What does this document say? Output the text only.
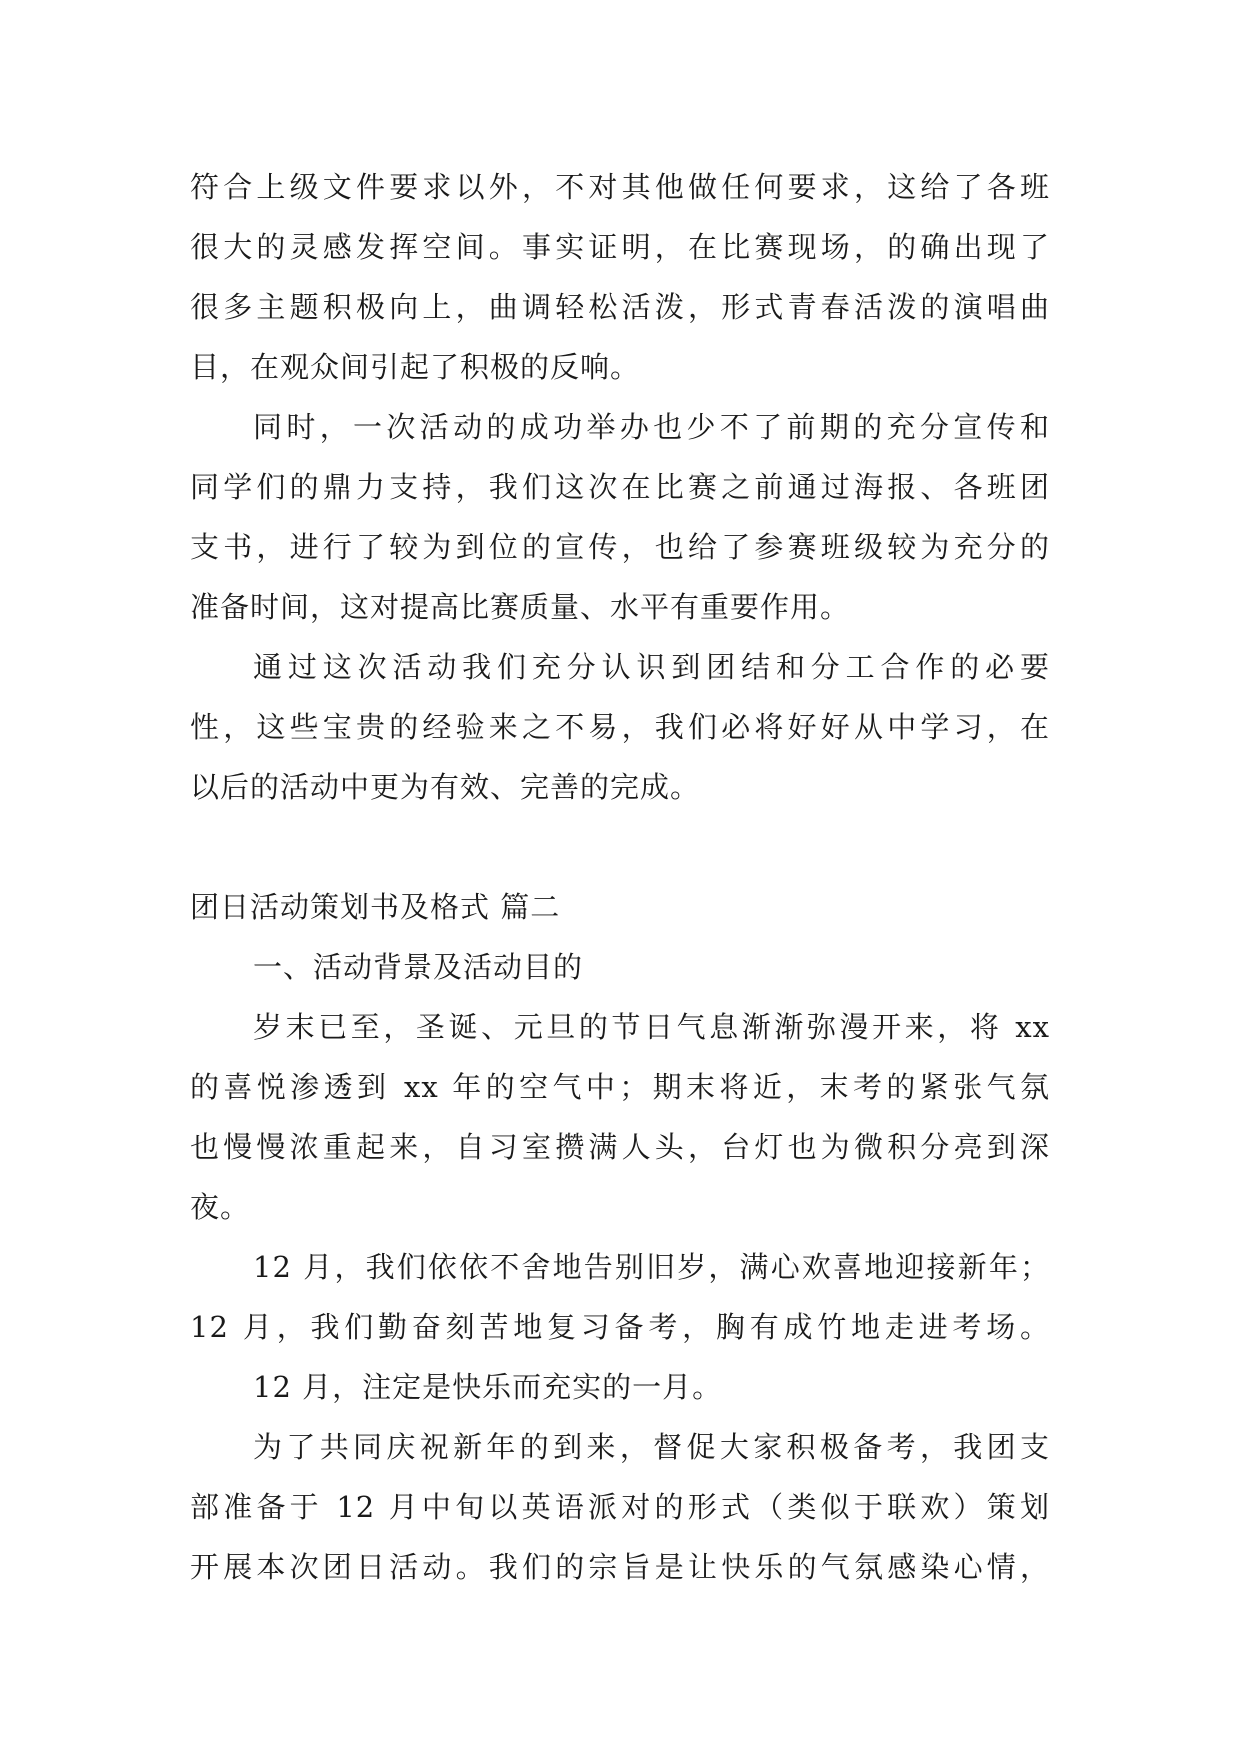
符合上级文件要求以外，不对其他做任何要求，这给了各班
很大的灵感发挥空间。事实证明，在比赛现场，的确出现了
很多主题积极向上，曲调轻松活泼，形式青春活泼的演唱曲
目，在观众间引起了积极的反响。
同时，一次活动的成功举办也少不了前期的充分宣传和
同学们的鼎力支持，我们这次在比赛之前通过海报、各班团
支书，进行了较为到位的宣传，也给了参赛班级较为充分的
准备时间，这对提高比赛质量、水平有重要作用。
通过这次活动我们充分认识到团结和分工合作的必要
性，这些宝贵的经验来之不易，我们必将好好从中学习，在
以后的活动中更为有效、完善的完成。
团日活动策划书及格式 篇二
一、活动背景及活动目的
岁末已至，圣诞、元旦的节日气息渐渐弥漫开来，将 xx
的喜悦渗透到 xx 年的空气中；期末将近，末考的紧张气氛
也慢慢浓重起来，自习室攒满人头，台灯也为微积分亮到深
夜。
12 月，我们依依不舍地告别旧岁，满心欢喜地迎接新年；
12 月，我们勤奋刻苦地复习备考，胸有成竹地走进考场。
12 月，注定是快乐而充实的一月。
为了共同庆祝新年的到来，督促大家积极备考，我团支
部准备于 12 月中旬以英语派对的形式（类似于联欢）策划
开展本次团日活动。我们的宗旨是让快乐的气氛感染心情，
